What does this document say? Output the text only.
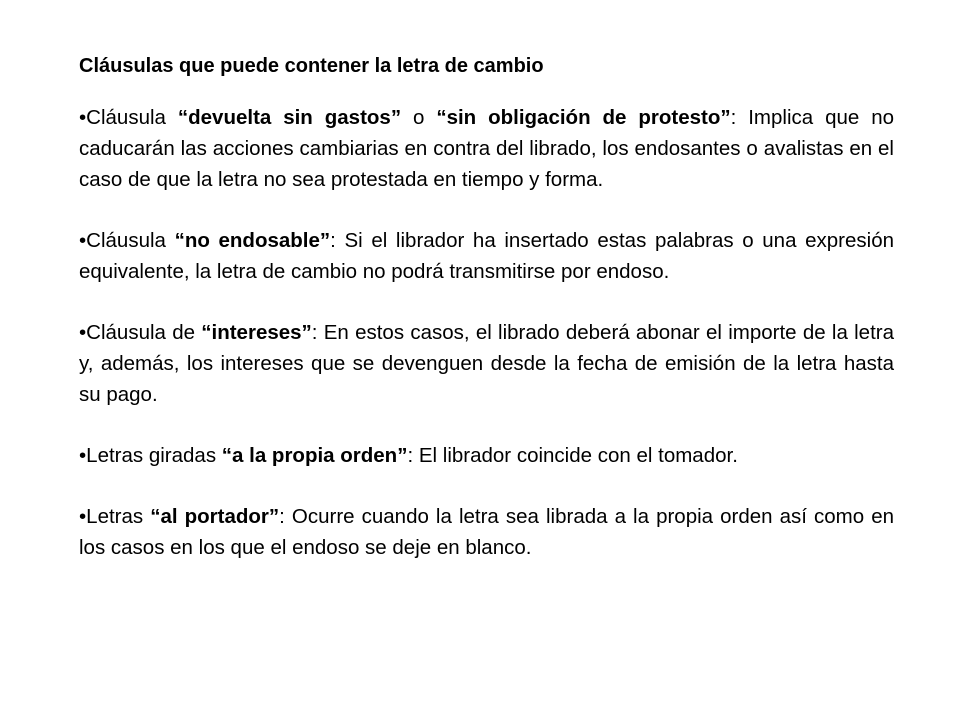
Cláusulas que puede contener la letra de cambio

•Cláusula “devuelta sin gastos” o “sin obligación de protesto”: Implica que no caducarán las acciones cambiarias en contra del librado, los endosantes o avalistas en el caso de que la letra no sea protestada en tiempo y forma.

•Cláusula “no endosable”: Si el librador ha insertado estas palabras o una expresión equivalente, la letra de cambio no podrá transmitirse por endoso.

•Cláusula de “intereses”: En estos casos, el librado deberá abonar el importe de la letra y, además, los intereses que se devenguen desde la fecha de emisión de la letra hasta su pago.

•Letras giradas “a la propia orden”: El librador coincide con el tomador.

•Letras “al portador”: Ocurre cuando la letra sea librada a la propia orden así como en los casos en los que el endoso se deje en blanco.
